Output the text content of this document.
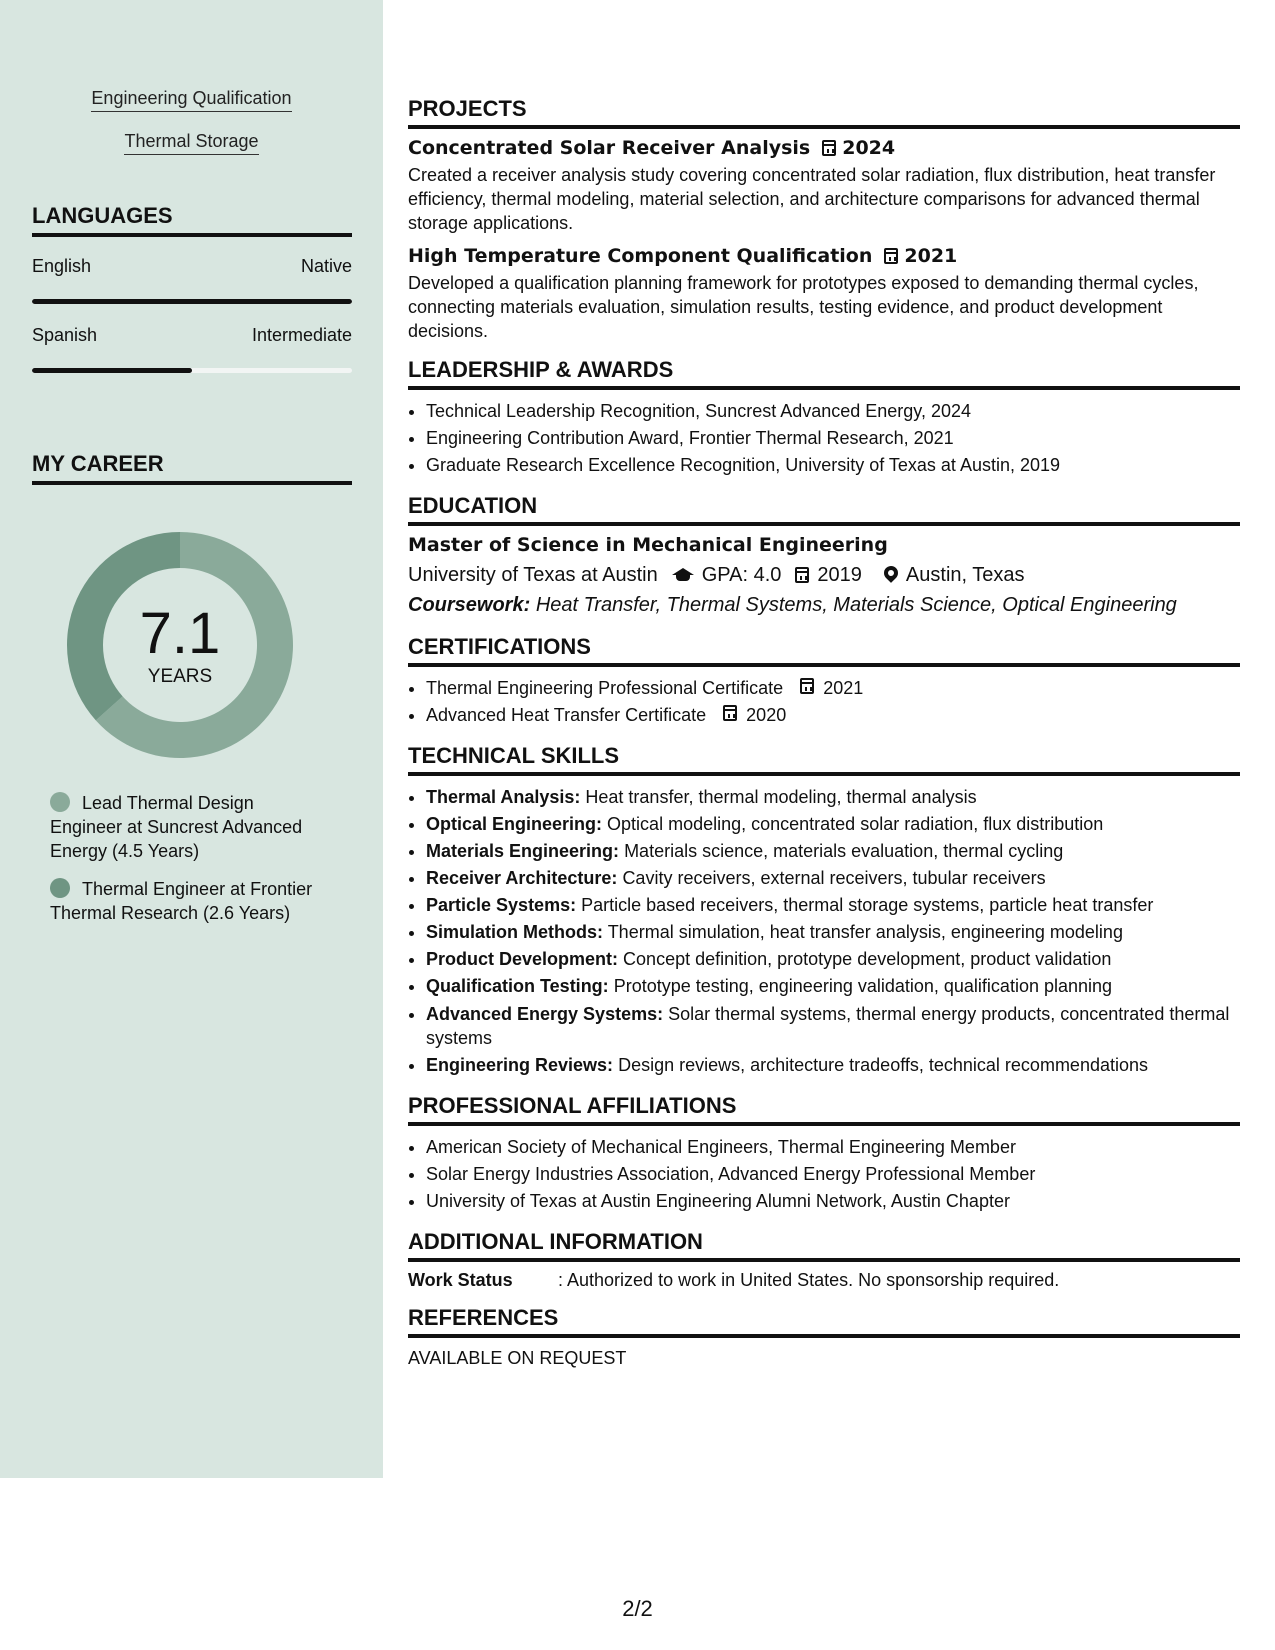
Engineering Qualification
Thermal Storage
LANGUAGES
English	Native
Spanish	Intermediate
MY CAREER
7.1
YEARS
Lead Thermal Design Engineer at Suncrest Advanced Energy (4.5 Years)
Thermal Engineer at Frontier Thermal Research (2.6 Years)
PROJECTS
Concentrated Solar Receiver Analysis 2024
Created a receiver analysis study covering concentrated solar radiation, flux distribution, heat transfer efficiency, thermal modeling, material selection, and architecture comparisons for advanced thermal storage applications.
High Temperature Component Qualification 2021
Developed a qualification planning framework for prototypes exposed to demanding thermal cycles, connecting materials evaluation, simulation results, testing evidence, and product development decisions.
LEADERSHIP & AWARDS
• Technical Leadership Recognition, Suncrest Advanced Energy, 2024
• Engineering Contribution Award, Frontier Thermal Research, 2021
• Graduate Research Excellence Recognition, University of Texas at Austin, 2019
EDUCATION
Master of Science in Mechanical Engineering
University of Texas at Austin GPA: 4.0 2019 Austin, Texas
Coursework: Heat Transfer, Thermal Systems, Materials Science, Optical Engineering
CERTIFICATIONS
• Thermal Engineering Professional Certificate 2021
• Advanced Heat Transfer Certificate 2020
TECHNICAL SKILLS
• Thermal Analysis: Heat transfer, thermal modeling, thermal analysis
• Optical Engineering: Optical modeling, concentrated solar radiation, flux distribution
• Materials Engineering: Materials science, materials evaluation, thermal cycling
• Receiver Architecture: Cavity receivers, external receivers, tubular receivers
• Particle Systems: Particle based receivers, thermal storage systems, particle heat transfer
• Simulation Methods: Thermal simulation, heat transfer analysis, engineering modeling
• Product Development: Concept definition, prototype development, product validation
• Qualification Testing: Prototype testing, engineering validation, qualification planning
• Advanced Energy Systems: Solar thermal systems, thermal energy products, concentrated thermal systems
• Engineering Reviews: Design reviews, architecture tradeoffs, technical recommendations
PROFESSIONAL AFFILIATIONS
• American Society of Mechanical Engineers, Thermal Engineering Member
• Solar Energy Industries Association, Advanced Energy Professional Member
• University of Texas at Austin Engineering Alumni Network, Austin Chapter
ADDITIONAL INFORMATION
Work Status	: Authorized to work in United States. No sponsorship required.
REFERENCES
AVAILABLE ON REQUEST
2/2
